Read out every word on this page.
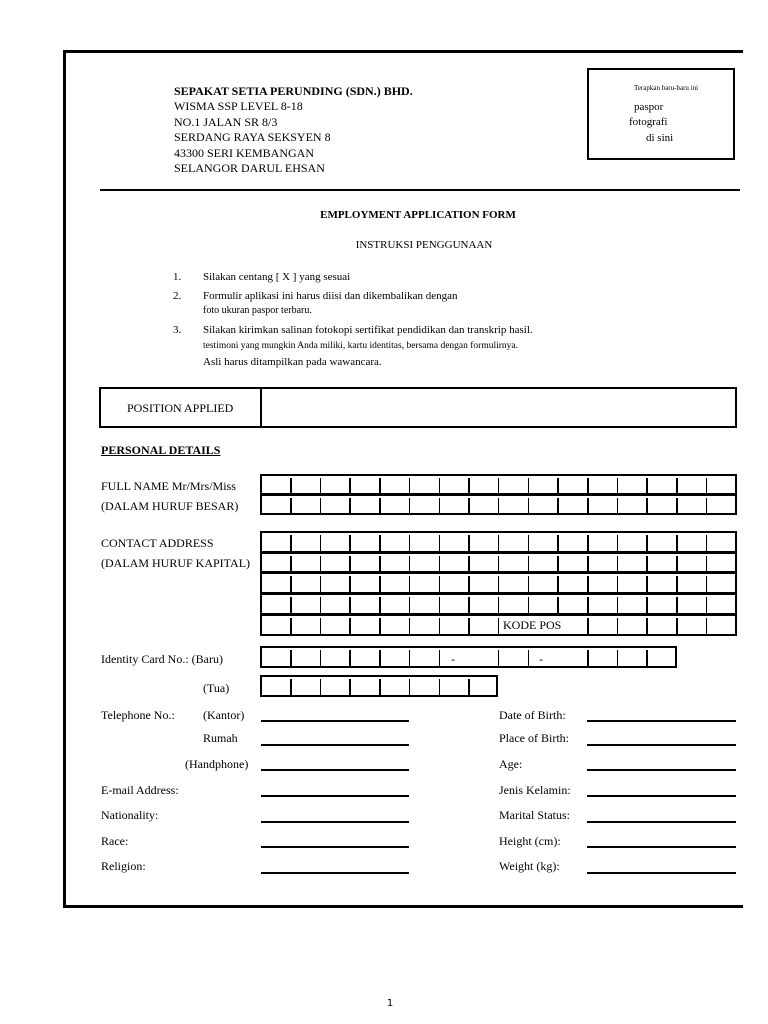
SEPAKAT SETIA PERUNDING (SDN.) BHD.
WISMA SSP LEVEL 8-18
NO.1 JALAN SR 8/3
SERDANG RAYA SEKSYEN 8
43300 SERI KEMBANGAN
SELANGOR DARUL EHSAN
Terapkan baru-baru ini
paspor
fotografi
di sini
EMPLOYMENT APPLICATION FORM
INSTRUKSI PENGGUNAAN
1. Silakan centang [ X ] yang sesuai
2. Formulir aplikasi ini harus diisi dan dikembalikan dengan
foto ukuran paspor terbaru.
3. Silakan kirimkan salinan fotokopi sertifikat pendidikan dan transkrip hasil.
testimoni yang mungkin Anda miliki, kartu identitas, bersama dengan formulirnya.
Asli harus ditampilkan pada wawancara.
POSITION APPLIED
PERSONAL DETAILS
FULL NAME Mr/Mrs/Miss
(DALAM HURUF BESAR)
CONTACT ADDRESS
(DALAM HURUF KAPITAL)
KODE POS
Identity Card No.: (Baru)
(Tua)
-	-
Telephone No.: (Kantor)
Rumah
(Handphone)
E-mail Address:
Nationality:
Race:
Religion:
Date of Birth:
Place of Birth:
Age:
Jenis Kelamin:
Marital Status:
Height (cm):
Weight (kg):
1
